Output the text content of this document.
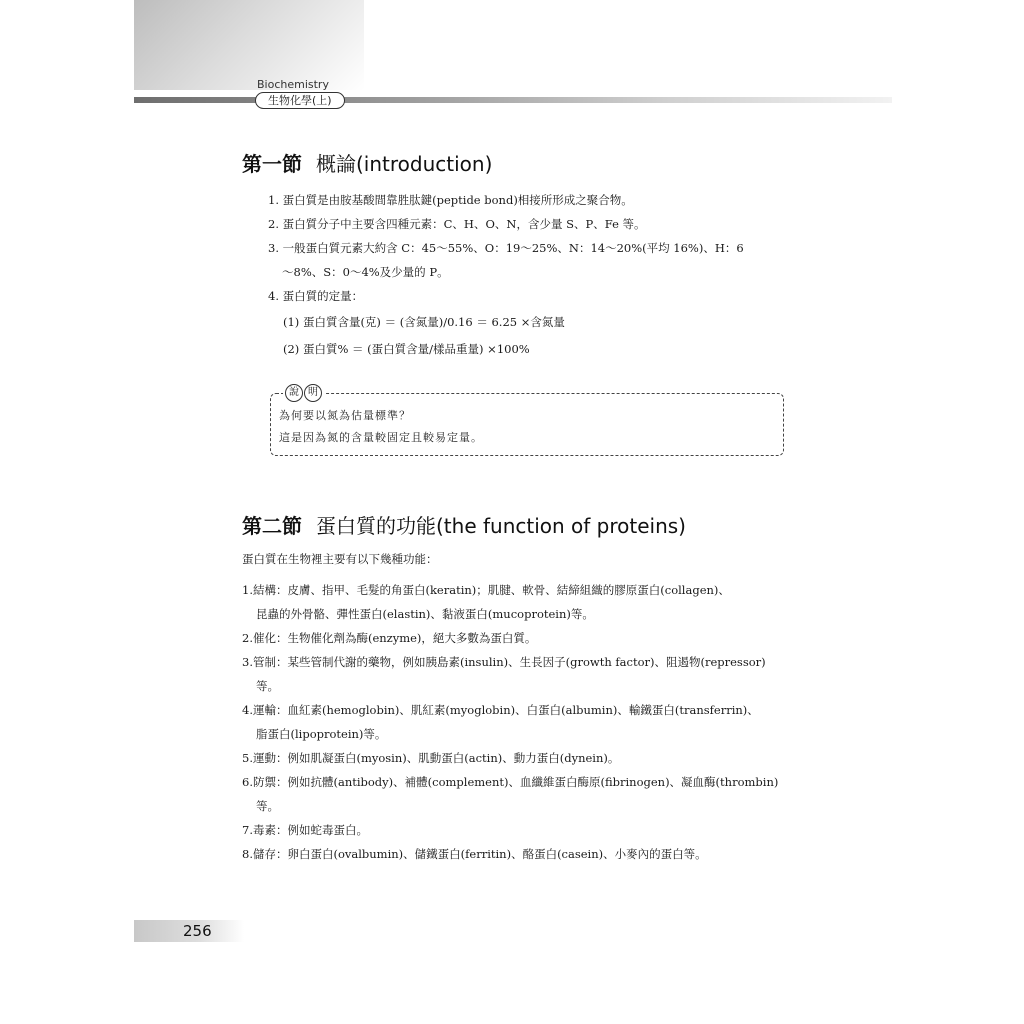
Biochemistry
生物化學(上)
第一節 概論(introduction)
1. 蛋白質是由胺基酸間靠胜肽鍵(peptide bond)相接所形成之聚合物。
2. 蛋白質分子中主要含四種元素：C、H、O、N，含少量 S、P、Fe 等。
3. 一般蛋白質元素大約含 C：45～55%、O：19～25%、N：14～20%(平均 16%)、H：6
～8%、S：0～4%及少量的 P。
4. 蛋白質的定量：
(1) 蛋白質含量(克) ＝ (含氮量)/0.16 ＝ 6.25 ×含氮量
(2) 蛋白質% ＝ (蛋白質含量/樣品重量) ×100%
說 明
為何要以氮為估量標準？
這是因為氮的含量較固定且較易定量。
第二節 蛋白質的功能(the function of proteins)
蛋白質在生物裡主要有以下幾種功能：
1.結構：皮膚、指甲、毛髮的角蛋白(keratin)；肌腱、軟骨、結締組織的膠原蛋白(collagen)、
昆蟲的外骨骼、彈性蛋白(elastin)、黏液蛋白(mucoprotein)等。
2.催化：生物催化劑為酶(enzyme)，絕大多數為蛋白質。
3.管制：某些管制代謝的藥物，例如胰島素(insulin)、生長因子(growth factor)、阻遏物(repressor)
等。
4.運輸：血紅素(hemoglobin)、肌紅素(myoglobin)、白蛋白(albumin)、輸鐵蛋白(transferrin)、
脂蛋白(lipoprotein)等。
5.運動：例如肌凝蛋白(myosin)、肌動蛋白(actin)、動力蛋白(dynein)。
6.防禦：例如抗體(antibody)、補體(complement)、血纖維蛋白酶原(fibrinogen)、凝血酶(thrombin)
等。
7.毒素：例如蛇毒蛋白。
8.儲存：卵白蛋白(ovalbumin)、儲鐵蛋白(ferritin)、酪蛋白(casein)、小麥內的蛋白等。
256
